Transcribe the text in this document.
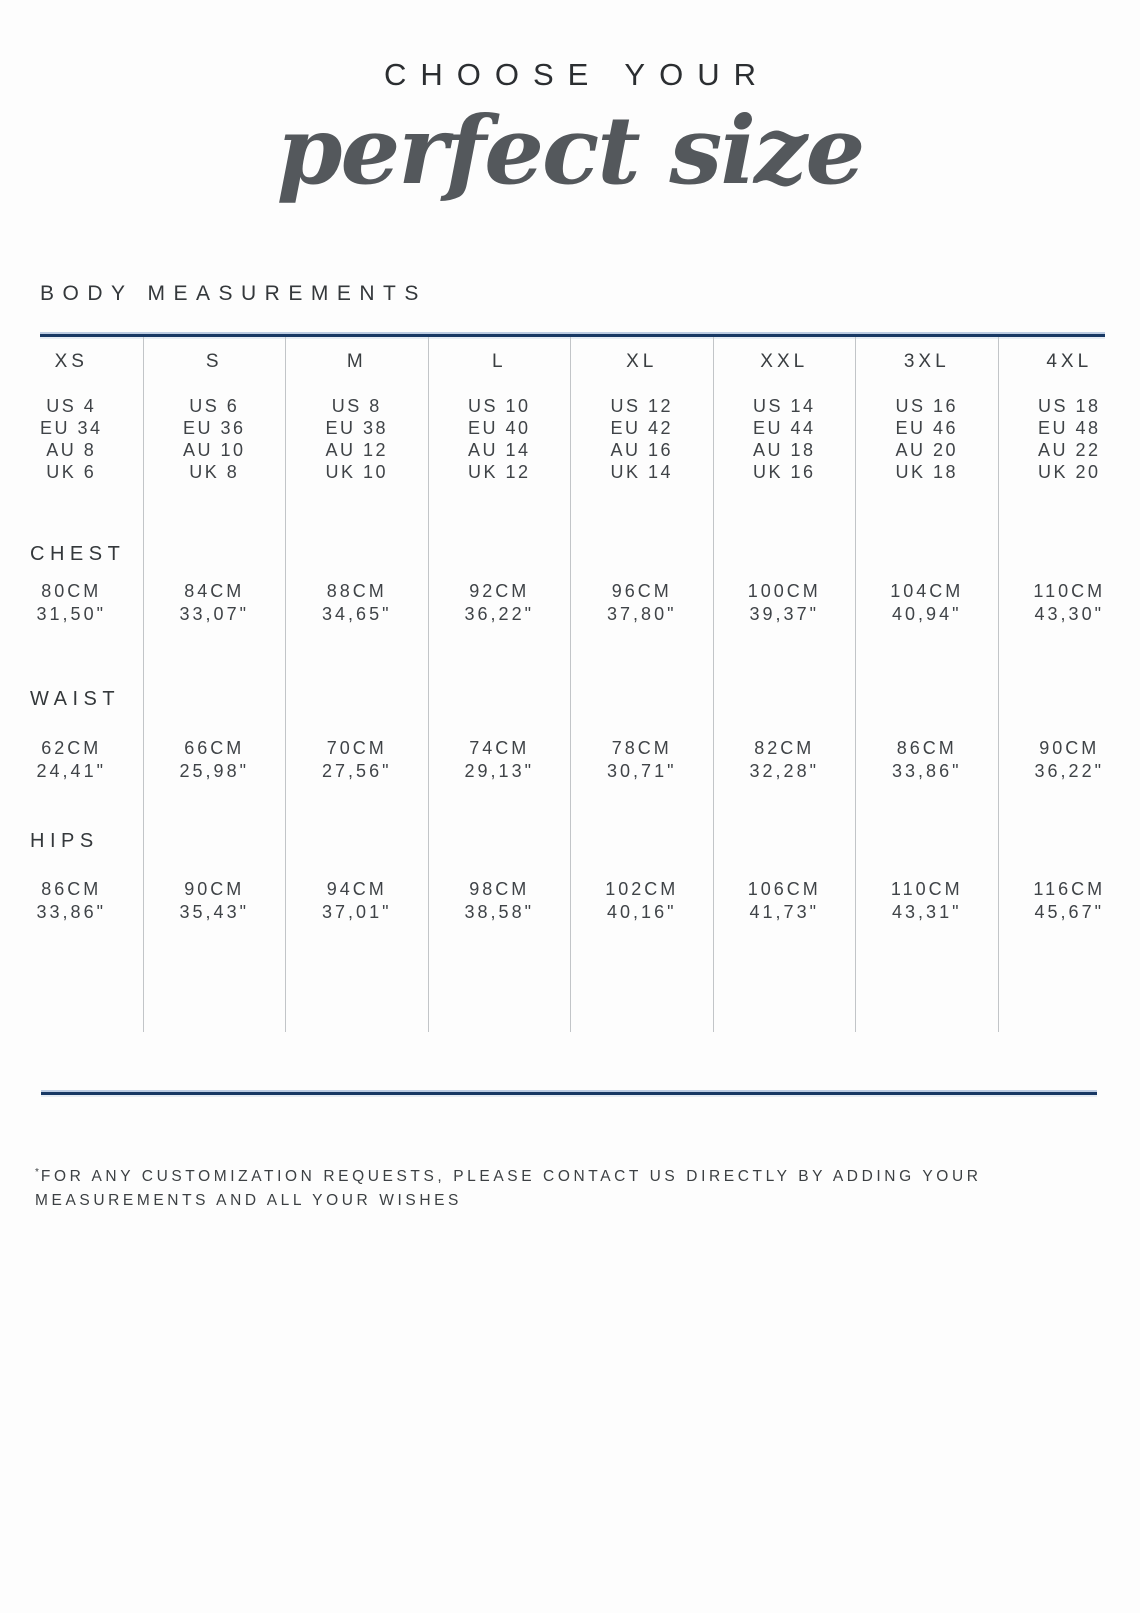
CHOOSE YOUR
perfect size
BODY MEASUREMENTS
XS
US 4
EU 34
AU 8
UK 6
CHEST
80CM
31,50"
WAIST
62CM
24,41"
HIPS
86CM
33,86"
S
US 6
EU 36
AU 10
UK 8
84CM
33,07"
66CM
25,98"
90CM
35,43"
M
US 8
EU 38
AU 12
UK 10
88CM
34,65"
70CM
27,56"
94CM
37,01"
L
US 10
EU 40
AU 14
UK 12
92CM
36,22"
74CM
29,13"
98CM
38,58"
XL
US 12
EU 42
AU 16
UK 14
96CM
37,80"
78CM
30,71"
102CM
40,16"
XXL
US 14
EU 44
AU 18
UK 16
100CM
39,37"
82CM
32,28"
106CM
41,73"
3XL
US 16
EU 46
AU 20
UK 18
104CM
40,94"
86CM
33,86"
110CM
43,31"
4XL
US 18
EU 48
AU 22
UK 20
110CM
43,30"
90CM
36,22"
116CM
45,67"
*FOR ANY CUSTOMIZATION REQUESTS, PLEASE CONTACT US DIRECTLY BY ADDING YOUR MEASUREMENTS AND ALL YOUR WISHES
